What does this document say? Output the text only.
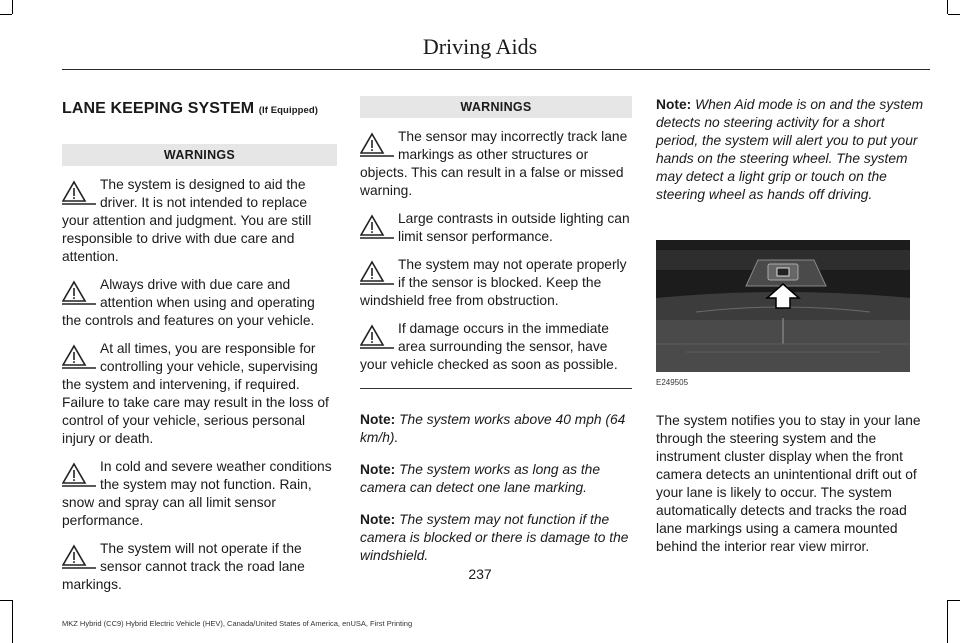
Driving Aids
LANE KEEPING SYSTEM (If Equipped)
WARNINGS
The system is designed to aid the driver. It is not intended to replace your attention and judgment. You are still responsible to drive with due care and attention.
Always drive with due care and attention when using and operating the controls and features on your vehicle.
At all times, you are responsible for controlling your vehicle, supervising the system and intervening, if required. Failure to take care may result in the loss of control of your vehicle, serious personal injury or death.
In cold and severe weather conditions the system may not function. Rain, snow and spray can all limit sensor performance.
The system will not operate if the sensor cannot track the road lane markings.
WARNINGS
The sensor may incorrectly track lane markings as other structures or objects. This can result in a false or missed warning.
Large contrasts in outside lighting can limit sensor performance.
The system may not operate properly if the sensor is blocked. Keep the windshield free from obstruction.
If damage occurs in the immediate area surrounding the sensor, have your vehicle checked as soon as possible.
Note: The system works above 40 mph (64 km/h).
Note: The system works as long as the camera can detect one lane marking.
Note: The system may not function if the camera is blocked or there is damage to the windshield.
Note: When Aid mode is on and the system detects no steering activity for a short period, the system will alert you to put your hands on the steering wheel. The system may detect a light grip or touch on the steering wheel as hands off driving.
E249505
The system notifies you to stay in your lane through the steering system and the instrument cluster display when the front camera detects an unintentional drift out of your lane is likely to occur. The system automatically detects and tracks the road lane markings using a camera mounted behind the interior rear view mirror.
237
MKZ Hybrid (CC9) Hybrid Electric Vehicle (HEV), Canada/United States of America, enUSA, First Printing
